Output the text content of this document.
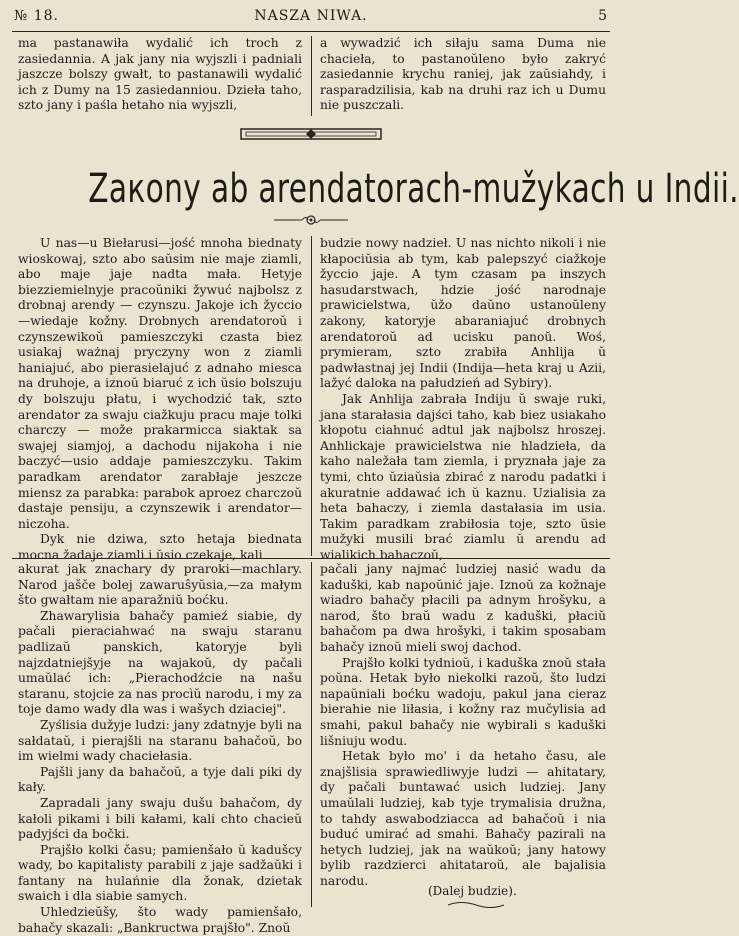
№ 18.	NASZA NIWA.	5

ma pastanawiła wydalić ich troch z zasiedannia. A jak jany nia wyjszli i padniali jaszcze bolszy gwałt, to pastanawili wydalić ich z Dumy na 15 zasiedanniou. Dzieła taho, szto jany i paśla hetaho nia wyjszli,

a wywadzić ich siłaju sama Duma nie chacieła, to pastanoŭleno było zakryć zasiedannie krychu raniej, jak zaŭsiahdy, i rasparadzilisia, kab na druhi raz ich u Dumu nie puszczali.

Zaкony ab arendatorach-mužykach u Indii.

U nas—u Biełarusi—jość mnoha biednaty wioskowaj, szto abo saŭsim nie maje ziamli, abo maje jaje nadta mała. Hetyje biezziemielnyje pracoŭniki žywuć najbolsz z drobnaj arendy — czynszu. Jakoje ich žyccio—wiedaje kožny. Drobnych arendatoroŭ i czynszewikoŭ pamieszczyki czasta biez usiakaj ważnaj pryczyny won z ziamli haniajuć, abo pierasielajuć z adnaho miesca na druhoje, a iznoŭ biaruć z ich ŭsio bolszuju dy bolszuju płatu, i wychodzić tak, szto arendator za swaju ciažkuju pracu maje tolki charczy — može prakarmicca siaktak sa swajej siamjoj, a dachodu nijakoha i nie baczyć—usio addaje pamieszczyku. Takim paradkam arendator zarabłaje jeszcze miensz za parabka: parabok aproez charczoŭ dastaje pensiju, a czynszewik i arendator—niczoha.

Dyk nie dziwa, szto hetaja biednata mocna žadaje ziamli i ŭsio czekaje, kali

budzie nowy nadzieł. U nas nichto nikoli i nie kłapociŭsia ab tym, kab palepszyć ciažkoje žyccio jaje. A tym czasam pa inszych hasudarstwach, hdzie jość narodnaje prawicielstwa, ŭžo daŭno ustanoŭleny zakony, katoryje abaraniajuć drobnych arendatoroŭ ad ucisku panoŭ. Woś, prymieram, szto zrabiła Anhlija ŭ padwłastnaj jej Indii (Indija—heta kraj u Azii, lažyć daloka na pałudzień ad Sybiry).

Jak Anhlija zabrała Indiju ŭ swaje ruki, jana starałasia dajści taho, kab biez usiakaho kłopotu ciahnuć adtul jak najbolsz hroszej. Anhlickaje prawicielstwa nie hladzieła, da kaho naležała tam ziemla, i pryznała jaje za tymi, chto ŭziaŭsia zbirać z narodu padatki i akuratnie addawać ich ŭ kaznu. Uzialisia za heta bahaczy, i ziemla dastałasia im usia. Takim paradkam zrabiłosia toje, szto ŭsie mužyki musili brać ziamlu ŭ arendu ad wialikich bahaczoŭ,

akurat jak znachary dy praroki—machlary. Narod jašče bolej zawaruŝyŭsia,—za małym što gwałtam nie aparažniŭ boćku.

Zhawarylisia bahačy pamieź siabie, dy pačali pieraciahwać na swaju staranu padlizaŭ panskich, katoryje byli najzdatniejšyje na wajakoŭ, dy pačali umaŭlać ich: „Pierachodźcie na našu staranu, stojcie za nas procìŭ narodu, i my za toje damo wady dla was i wašych dziaciej".

Zyślisia dužyje ludzi: jany zdatnyje byli na sałdataŭ, i pierajšli na staranu bahačoŭ, bo im wielmi wady chaciełasia.

Pajšli jany da bahačoŭ, a tyje dali piki dy kały.

Zapradali jany swaju dušu bahačom, dy kałoli pikami i bili kałami, kali chto chacieŭ padyjści da bočki.

Prajšło kolki času; pamienšało ŭ kadušcy wady, bo kapitalisty parabili z jaje sadžaŭki i fantany na hulańnie dla žonak, dzietak swaich i dla siabie samych.

Uhledzieŭšy, što wady pamienšało, bahačy skazali: „Bankructwa prajšło". Znoŭ

pačali jany najmać ludziej nasić wadu da kaduški, kab napoŭnić jaje. Iznoŭ za kožnaje wiadro bahačy płacili pa adnym hrošyku, a narod, što braŭ wadu z kaduški, płaciŭ bahačom pa dwa hrošyki, i takim sposabam bahačy iznoŭ mieli swoj dachod.

Prajšło kolki tydnioŭ, i kaduška znoŭ stała poŭna. Hetak było niekolki razoŭ, što ludzi napaŭniali boćku wadoju, pakul jana cieraz bierahie nie liłasia, i kožny raz mučylisia ad smahi, pakul bahačy nie wybirali s kaduški lišniuju wodu.

Hetak było mo' i da hetaho času, ale znajšlisia sprawiedliwyje ludzi — ahitatary, dy pačali buntawać usich ludziej. Jany umaŭlali ludziej, kab tyje trymalisia družna, to tahdy aswabodziacca ad bahačoŭ i nia buduć umirać ad smahi. Bahačy pazirali na hetych ludziej, jak na waŭkoŭ; jany hatowy bylib razdzierci ahitataroŭ, ale bajalisia narodu.

(Dalej budzie).
